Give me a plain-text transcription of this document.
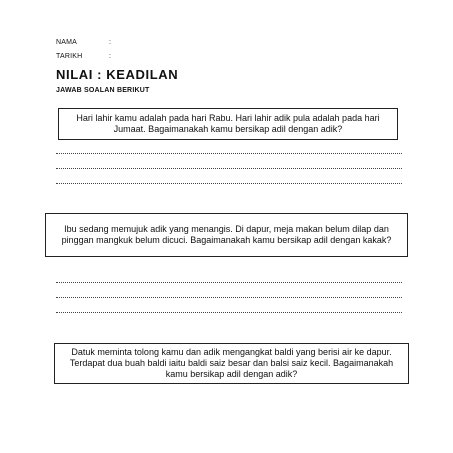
NAMA	:
TARIKH	:
NILAI : KEADILAN
JAWAB SOALAN BERIKUT
Hari lahir kamu adalah pada hari Rabu. Hari lahir adik pula adalah pada hari Jumaat. Bagaimanakah kamu bersikap adil dengan adik?
Ibu sedang memujuk adik yang menangis. Di dapur, meja makan belum dilap dan pinggan mangkuk belum dicuci. Bagaimanakah kamu bersikap adil dengan kakak?
Datuk meminta tolong kamu dan adik mengangkat baldi yang berisi air ke dapur. Terdapat dua buah baldi iaitu baldi saiz besar dan balsi saiz kecil. Bagaimanakah kamu bersikap adil dengan adik?
